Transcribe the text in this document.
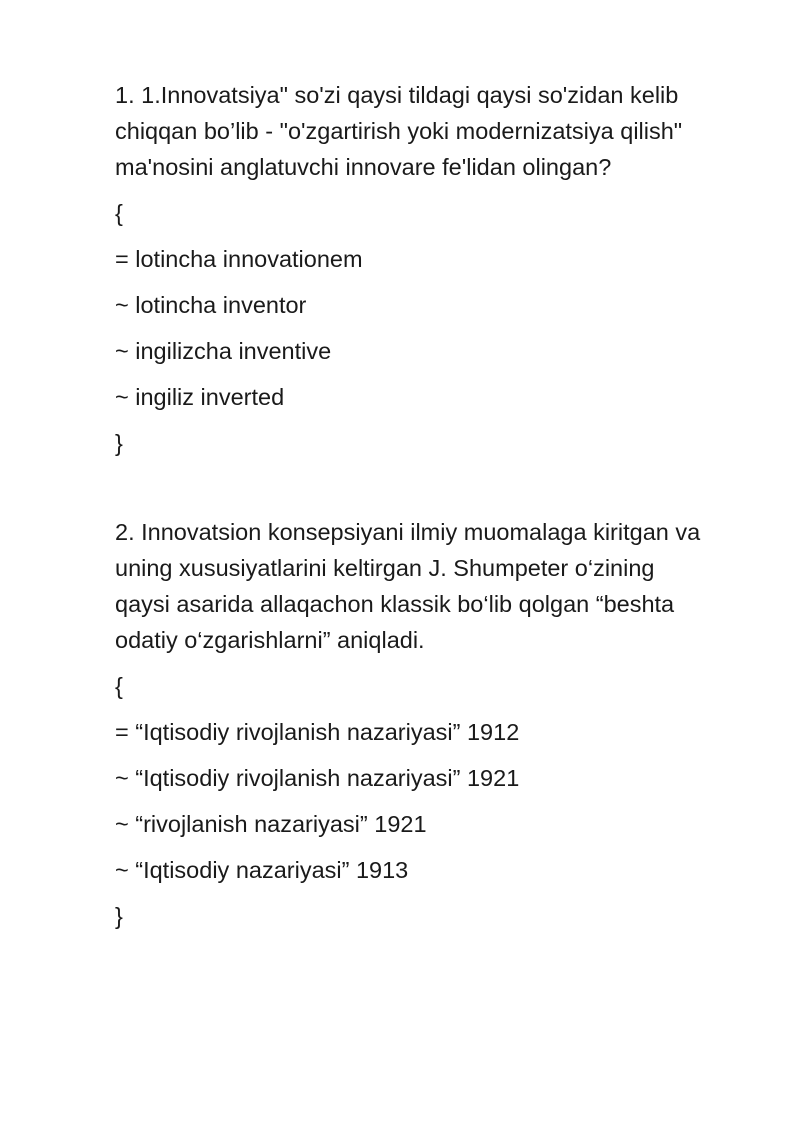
1. 1.Innovatsiya" so'zi qaysi tildagi qaysi so'zidan kelib
chiqqan bo’lib - "o'zgartirish yoki modernizatsiya qilish"
ma'nosini anglatuvchi innovare fe'lidan olingan?

{

= lotincha innovationem

~ lotincha inventor

~ ingilizcha inventive

~ ingiliz inverted

}

2. Innovatsion konsepsiyani ilmiy muomalaga kiritgan va
uning xususiyatlarini keltirgan J. Shumpeter o‘zining
qaysi asarida allaqachon klassik bo‘lib qolgan “beshta
odatiy o‘zgarishlarni” aniqladi.

{

= “Iqtisodiy rivojlanish nazariyasi” 1912

~ “Iqtisodiy rivojlanish nazariyasi” 1921

~ “rivojlanish nazariyasi” 1921

~ “Iqtisodiy nazariyasi” 1913

}
